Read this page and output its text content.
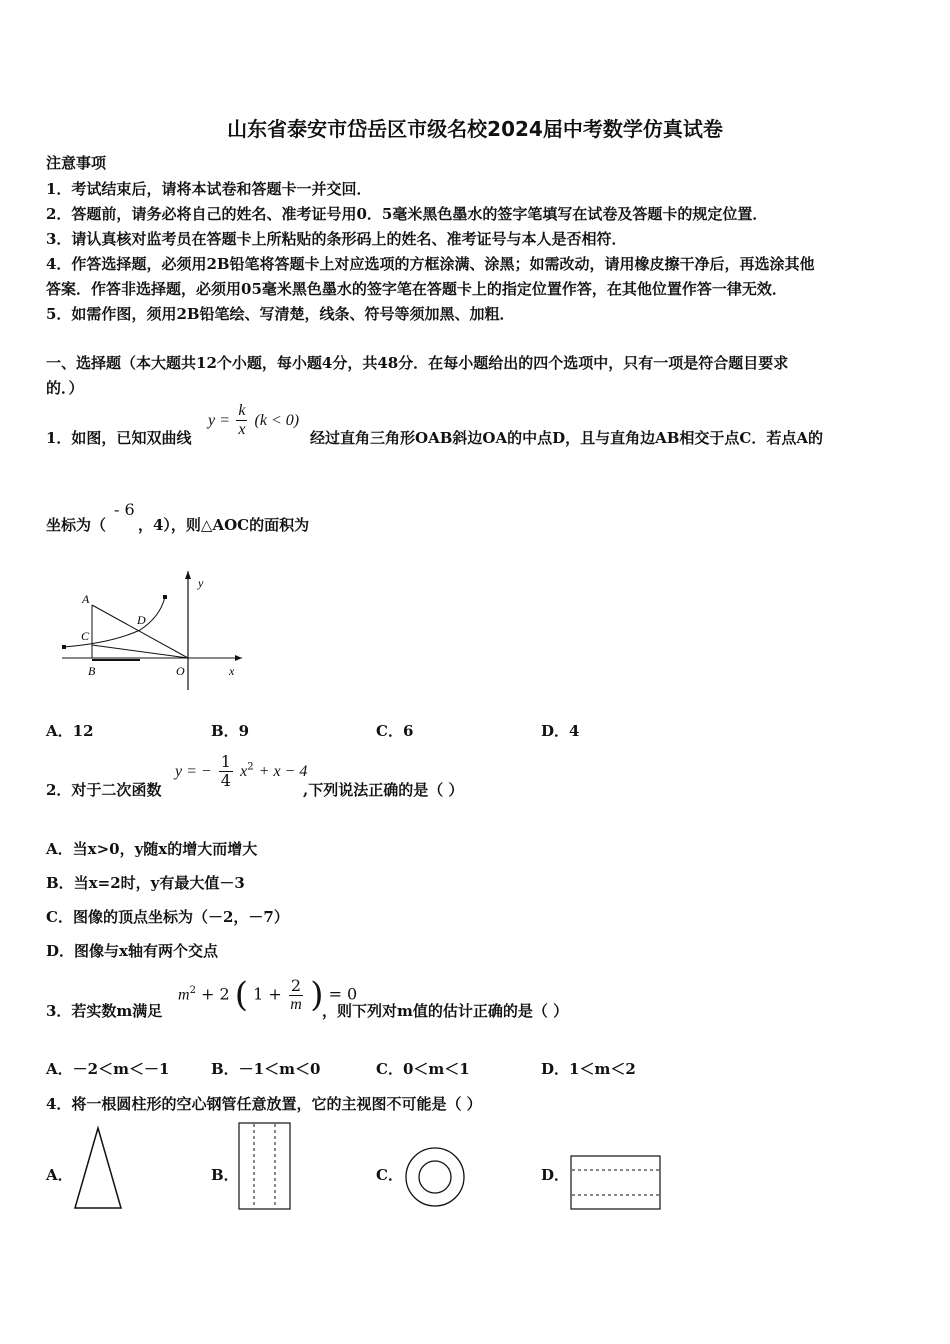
山东省泰安市岱岳区市级名校2024届中考数学仿真试卷
注意事项
1．考试结束后，请将本试卷和答题卡一并交回．
2．答题前，请务必将自己的姓名、准考证号用0．5毫米黑色墨水的签字笔填写在试卷及答题卡的规定位置．
3．请认真核对监考员在答题卡上所粘贴的条形码上的姓名、准考证号与本人是否相符．
4．作答选择题，必须用2B铅笔将答题卡上对应选项的方框涂满、涂黑；如需改动，请用橡皮擦干净后，再选涂其他
答案．作答非选择题，必须用05毫米黑色墨水的签字笔在答题卡上的指定位置作答，在其他位置作答一律无效．
5．如需作图，须用2B铅笔绘、写清楚，线条、符号等须加黑、加粗．
一、选择题（本大题共12个小题，每小题4分，共48分．在每小题给出的四个选项中，只有一项是符合题目要求
的．）
1．如图，已知双曲线
$y = \frac{k}{x} (k < 0)$
经过直角三角形OAB斜边OA的中点D，且与直角边AB相交于点C．若点A的
坐标为（
- 6
，4），则△AOC的面积为
A
C
D
B	O	x
y
A．12	B．9	C．6	D．4
2．对于二次函数
y = − $\frac{1}{4} x^2 + x - 4$
,下列说法正确的是（ ）
A．当x>0，y随x的增大而增大
B．当x=2时，y有最大值－3
C．图像的顶点坐标为（－2，－7）
D．图像与x轴有两个交点
3．若实数m满足
$m^2 + 2$ ( $1 + \frac{2}{m}$ ) = 0
，则下列对m值的估计正确的是（ ）
A．－2＜m＜－1	B．－1＜m＜0	C．0＜m＜1	D．1＜m＜2
4．将一根圆柱形的空心钢管任意放置，它的主视图不可能是（ ）
A．	B．	C．	D．
